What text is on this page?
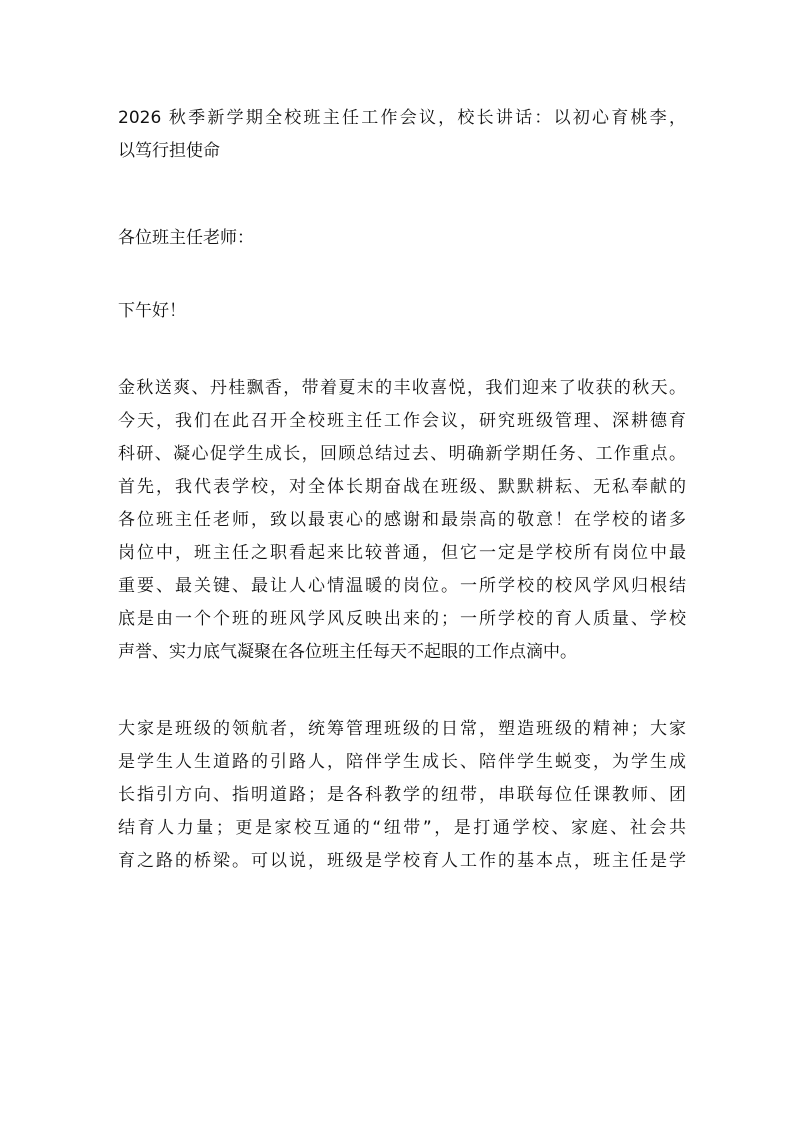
2026 秋季新学期全校班主任工作会议，校长讲话：以初心育桃李，
以笃行担使命
各位班主任老师：
下午好！
金秋送爽、丹桂飘香，带着夏末的丰收喜悦，我们迎来了收获的秋天。
今天，我们在此召开全校班主任工作会议，研究班级管理、深耕德育
科研、凝心促学生成长，回顾总结过去、明确新学期任务、工作重点。
首先，我代表学校，对全体长期奋战在班级、默默耕耘、无私奉献的
各位班主任老师，致以最衷心的感谢和最崇高的敬意！在学校的诸多
岗位中，班主任之职看起来比较普通，但它一定是学校所有岗位中最
重要、最关键、最让人心情温暖的岗位。一所学校的校风学风归根结
底是由一个个班的班风学风反映出来的；一所学校的育人质量、学校
声誉、实力底气凝聚在各位班主任每天不起眼的工作点滴中。
大家是班级的领航者，统筹管理班级的日常，塑造班级的精神；大家
是学生人生道路的引路人，陪伴学生成长、陪伴学生蜕变，为学生成
长指引方向、指明道路；是各科教学的纽带，串联每位任课教师、团
结育人力量；更是家校互通的“纽带”，是打通学校、家庭、社会共
育之路的桥梁。可以说，班级是学校育人工作的基本点，班主任是学
